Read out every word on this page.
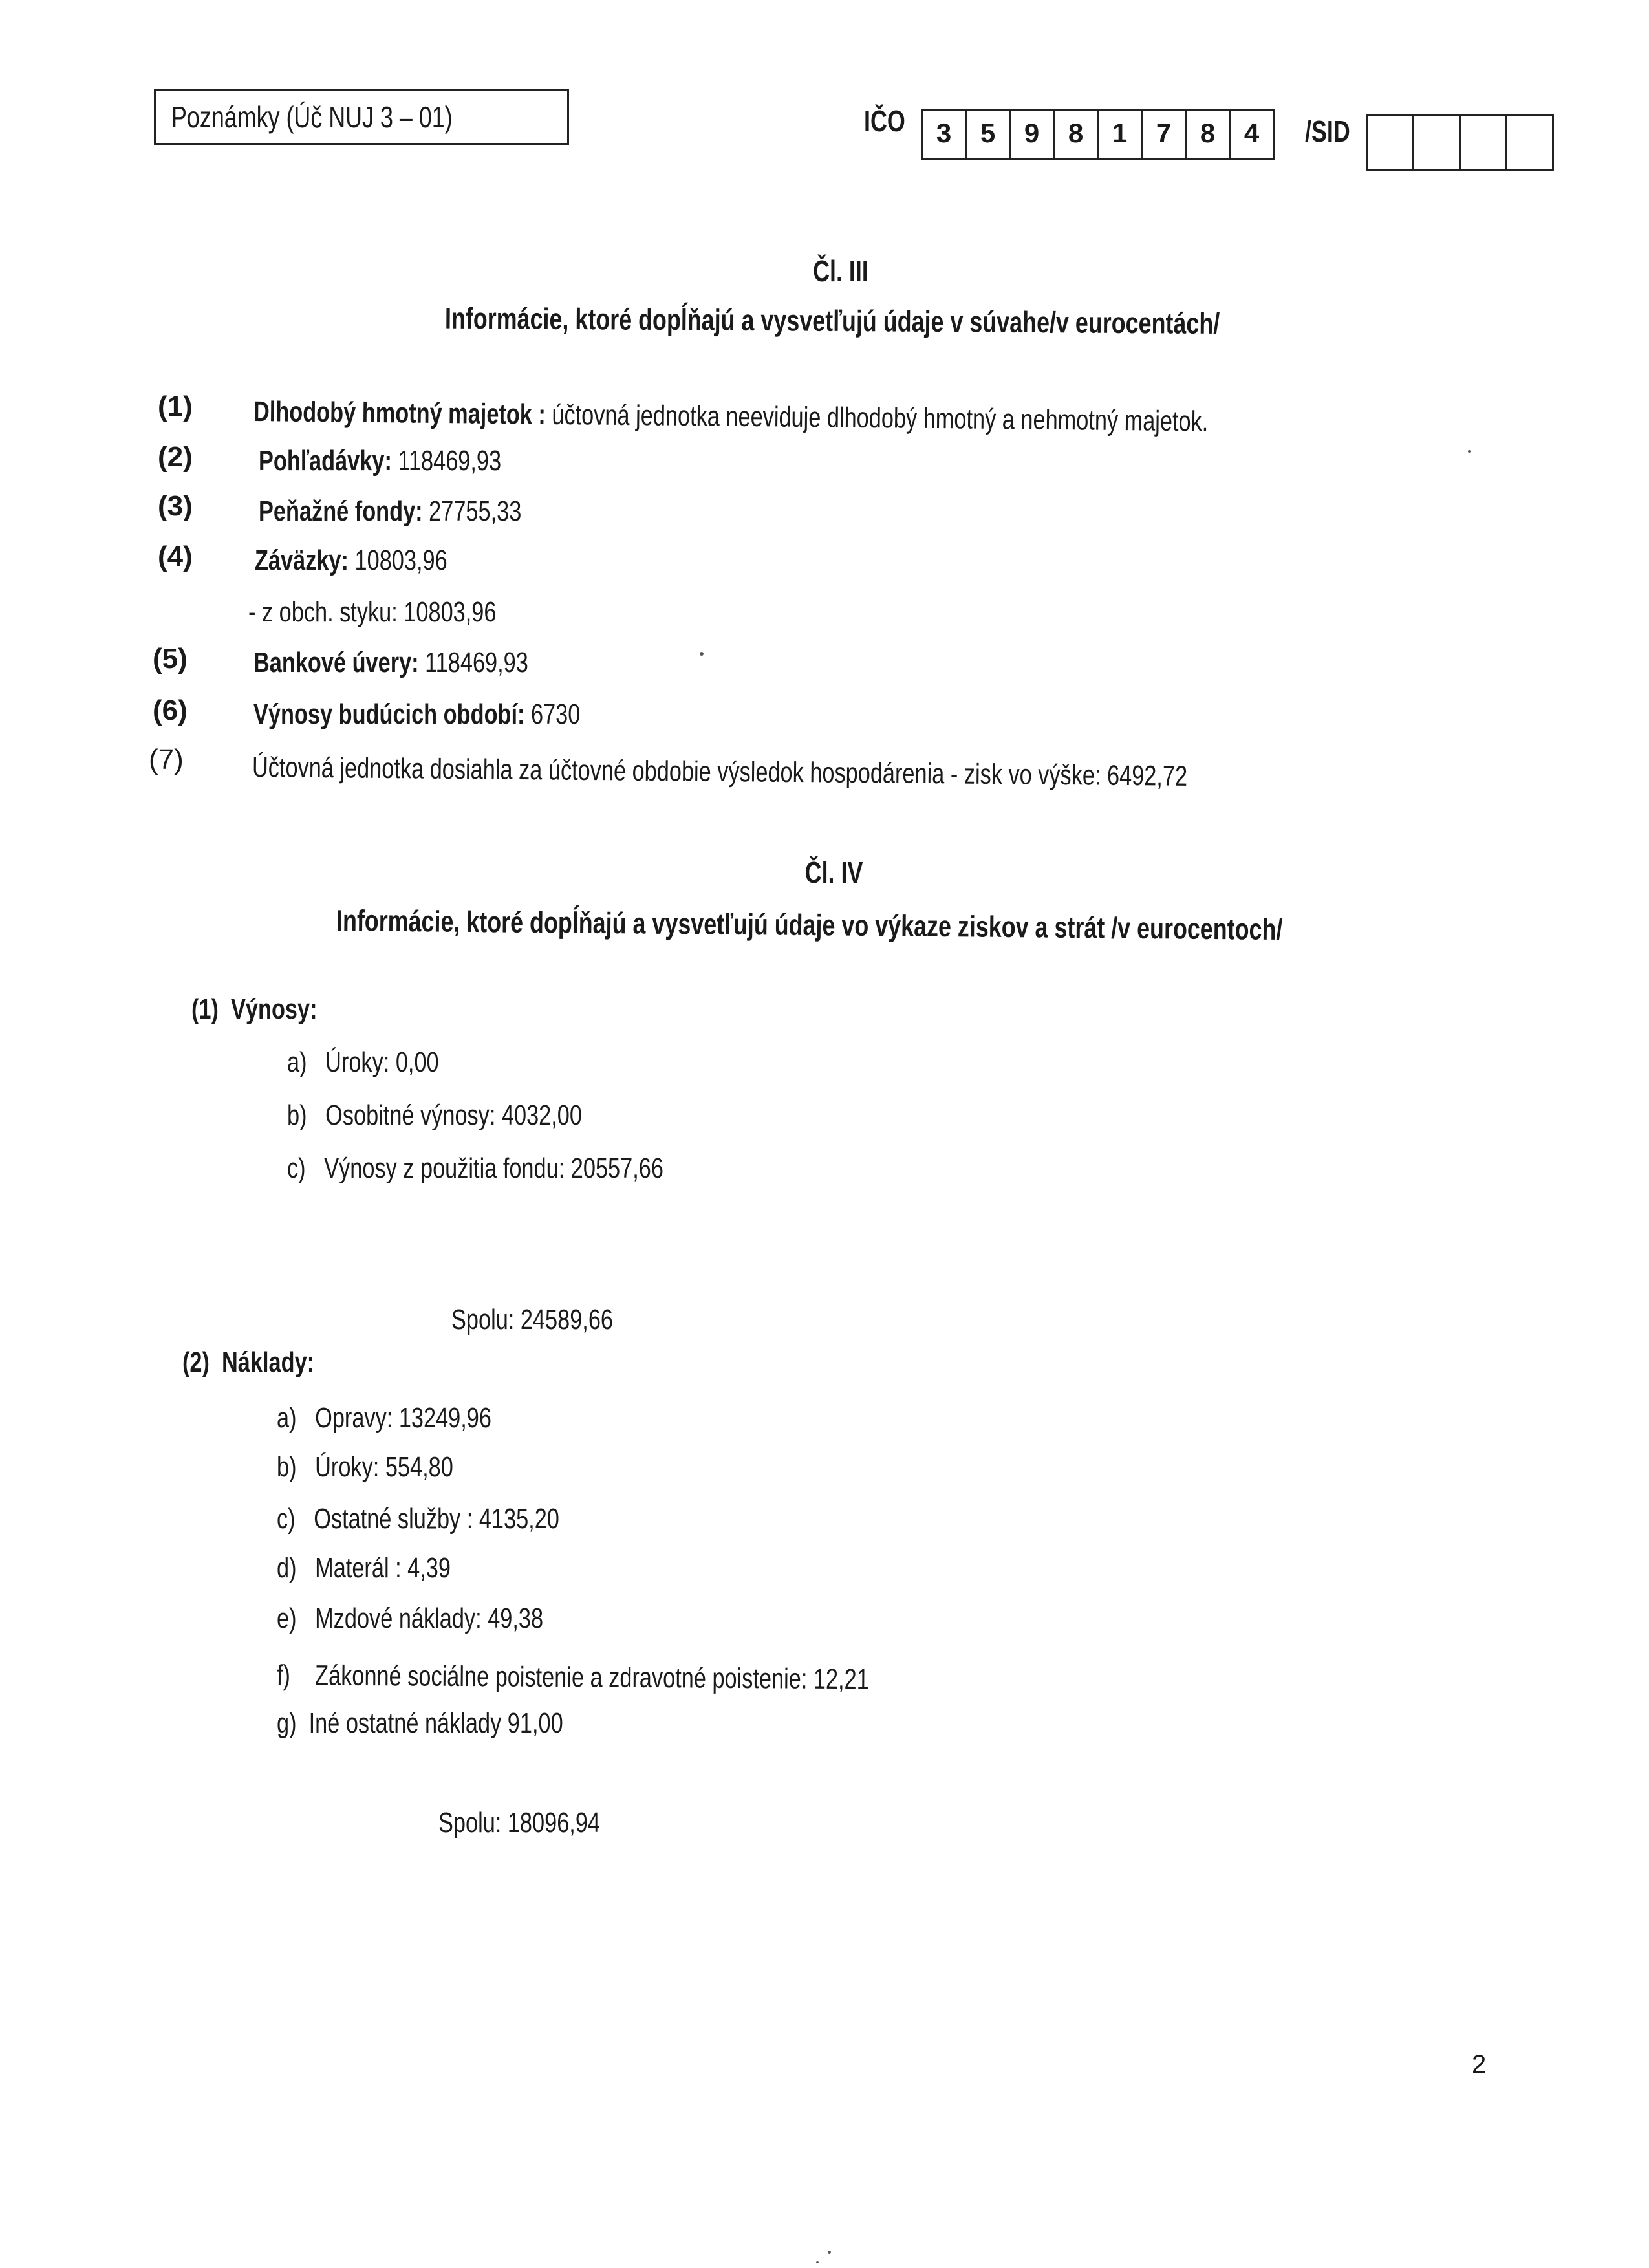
Poznámky (Úč NUJ 3 – 01)	IČO	3	5	9	8	1	7	8	4	/SID
Čl. III
Informácie, ktoré dopĺňajú a vysvetľujú údaje v súvahe/v eurocentách/
(1) Dlhodobý hmotný majetok : účtovná jednotka neeviduje dlhodobý hmotný a nehmotný majetok.
(2) Pohľadávky: 118469,93
(3) Peňažné fondy: 27755,33
(4) Záväzky: 10803,96
- z obch. styku: 10803,96
(5) Bankové úvery: 118469,93
(6) Výnosy budúcich období: 6730
(7) Účtovná jednotka dosiahla za účtovné obdobie výsledok hospodárenia - zisk vo výške: 6492,72
Čl. IV
Informácie, ktoré dopĺňajú a vysvetľujú údaje vo výkaze ziskov a strát /v eurocentoch/
(1) Výnosy:
a) Úroky: 0,00
b) Osobitné výnosy: 4032,00
c) Výnosy z použitia fondu: 20557,66
Spolu: 24589,66
(2) Náklady:
a) Opravy: 13249,96
b) Úroky: 554,80
c) Ostatné služby : 4135,20
d) Materál : 4,39
e) Mzdové náklady: 49,38
f) Zákonné sociálne poistenie a zdravotné poistenie: 12,21
g) Iné ostatné náklady 91,00
Spolu: 18096,94
2
